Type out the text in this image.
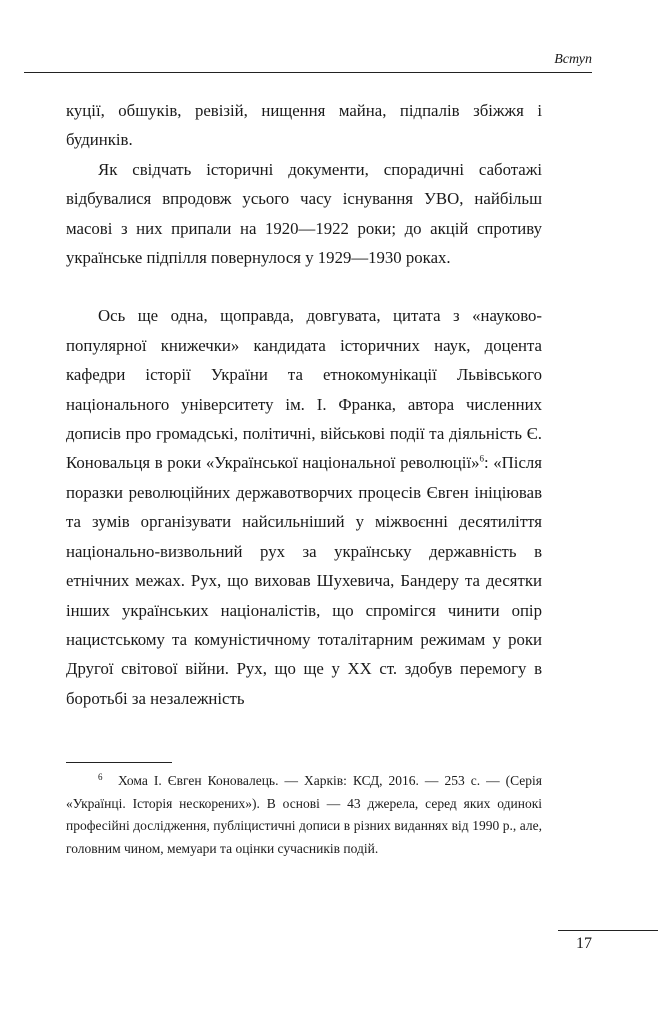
Вступ

куції, обшуків, ревізій, нищення майна, підпалів збіжжя і будинків.

Як свідчать історичні документи, спорадичні саботажі відбувалися впродовж усього часу існування УВО, найбільш масові з них припали на 1920—1922 роки; до акцій спротиву українське підпілля повернулося у 1929—1930 роках.

Ось ще одна, щоправда, довгувата, цитата з «науково-популярної книжечки» кандидата історичних наук, доцента кафедри історії України та етнокомунікації Львівського національного університету ім. І. Франка, автора численних дописів про громадські, політичні, військові події та діяльність Є. Коновальця в роки «Української національної революції»$^6$: «Після поразки революційних державотворчих процесів Євген ініціював та зумів організувати найсильніший у міжвоєнні десятиліття національно-визвольний рух за українську державність в етнічних межах. Рух, що виховав Шухевича, Бандеру та десятки інших українських націоналістів, що спромігся чинити опір нацистському та комуністичному тоталітарним режимам у роки Другої світової війни. Рух, що ще у XX ст. здобув перемогу в боротьбі за незалежність

6	Хома І. Євген Коновалець. — Харків: КСД, 2016. — 253 с. — (Серія «Українці. Історія нескорених»). В основі — 43 джерела, серед яких одинокі професійні дослідження, публіцистичні дописи в різних виданнях від 1990 р., але, головним чином, мемуари та оцінки сучасників подій.

17
